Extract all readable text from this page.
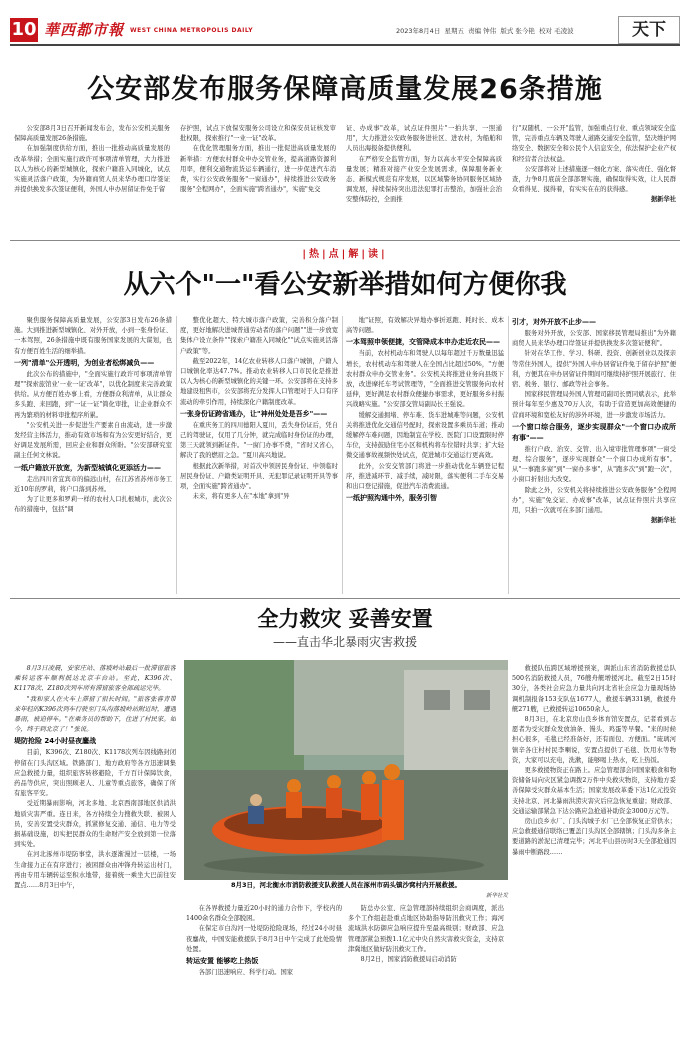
10 華西都市報 WEST CHINA METROPOLIS DAILY	2023年8月4日 星期五 责编 钟伟 版式 张今艳 校对 毛凌波	天下
公安部发布服务保障高质量发展26条措施
公安部8月3日召开新闻发布会，发布公安机关服务保障高质量发展26条措施。
在加强制度供给方面，推出一批推动高质量发展的改革举措；全面实施行政许可事项清单管理，大力推进以人为核心的新型城镇化，探索户籍准入同城化，试点实施灵活落户政策，为外籍商贸人员来华办理口岸签证并提供换发多次签证便利，外国人申办居留证件免于留
存护照，试点下放保安服务公司设立和保安员证核发审批权限，探索推行"一业一证"改革。
在优化管理服务方面，推出一批促进高质量发展的新举措：方便农村群众申办交管业务，提高道路资源利用率，便利交通物流货运车辆通行，进一步促进汽车消费，实行公安政务服务"一窗通办"，持续推进公安政务服务"全程网办"，全面实施"跨省通办"，实施"免交
证、办成事"改革，试点证件照片"一拍共享、一照通用"，大力推进公安政务服务进社区、进农村，为船舶和人员出海报备提供便利。
在严格安全监管方面，努力以高水平安全保障高质量发展；精准对接产业安全发展需求，保障服务新业态、新模式规范有序发展，以区域警务协同服务区域协调发展，持续保持突出违法犯罪打击整治，加强社会治安整体防控，全面推
行"双随机、一公开"监管，加强重点行业、重点领域安全监管，完善重点车辆及驾驶人道路交通安全监管，坚决维护网络安全、数据安全和公民个人信息安全，依法保护企业产权和经营者合法权益。
公安部将对上述措施逐一细化方案、落实责任、强化督查，力争8月底前全部部署实施，确保取得实效，让人民群众看得见、摸得着，有实实在在的获得感。
据新华社
|热|点|解|读|
从六个"一"看公安新举措如何方便你我
聚焦服务保障高质量发展，公安部3日发布26条措施。大到推进新型城镇化、对外开放，小到一张身份证、一本驾照，26条措施中既有服务国家发展的大谋划，也有方便百姓生活的细举措。
一列"清单"公开透明，为创业者松绑减负——
此次公布的措施中，"全面实施行政许可事项清单管理""探索旅馆业'一业一证'改革"，以优化制度来完善政策供给。从方便百姓办事上看，方便群众利清单，从让群众多头跑、来回跑，到"一证一证"简化审批，让企业群众不再为繁琐的材料审批程序所累。
"公安机关进一步促进生产要素自由流动，进一步激发经营主体活力，推动有效市场和有为公安更好结合，更好调足发展所需，回应企业和群众所盼。"公安部研究室副主任何文林说。
一纸户籍放开放宽，为新型城镇化更添活力——
走出四川省宜宾市的偏远山村，在江苏省苏州市务工近10年的罗莉，将户口落到苏州。
为了让更多和罗莉一样的农村人口扎根城市，此次公布的措施中，包括"调
整优化超大、特大城市落户政策，完善积分落户制度，更好地解决进城普通劳动者的落户问题""进一步放宽集体户设立条件""探索户籍准入同城化""试点实施灵活落户政策"等。
截至2022年，14亿农业转移人口落户城镇，户籍人口城镇化率达47.7%。推动农业转移人口市民化是推进以人为核心的新型城镇化的关键一环。公安部将在支持多地建设租售市，公安部将充分发挥人口管理对于人口有序流动的牵引作用，持续深化户籍制度改革。
一张身份证跨省通办，让"神州处处是吾乡"——
在重庆务工的四川德阳人夏川，丢失身份证后，凭自己的驾驶证，仅用了几分钟，就完成临时身份证的办理，第三天就领到新证件。"一窗门办事不费，"省时又省心，解决了我的燃眉之急。"夏川高兴地说。
根据此次新举措，对首次申领居民身份证、申领临时居民身份证、户籍类证明开具、无犯罪记录证明开具等事项，全面实施"跨省通办"。
未来，将有更多人在"本地"拿到"异
地"证照，有效解决异地办事折返跑、耗时长、成本高等问题。
一本驾照申领便捷，交管降成本申办走近农民——
当前，农村机动车和驾驶人以每年超过千万数量迅猛增长，农村机动车和驾驶人在全国占比超过50%，"方便农村群众申办交管业务"。公安机关将推进业务向县级下放，改进摩托车考试管理等，"全面推进交管服务向农村延伸，更好满足农村群众便捷办事需求，更好服务乡村振兴战略实施。"公安部交管局副局长王强说。
缓解交通拥堵、停车难、货车进城难等问题，公安机关将推进优化交通信号配时，探索设置多乘员车道；推动缓解停车难问题，因地制宜在学校、医院门口设置限时停车位，支持鼓励住宅小区和机构将车位错时共享；扩大轻微交通事故视频快处试点，促进城市交通运行更高效。
此外，公安交管部门将进一步推动优化车辆登记程序，推进减环节、减手续，减时限，落实便利二手车交易和出口登记措施，促进汽车消费流通。
一纸护照沟通中外，服务引智
引才，对外开放不止步——
服务对外开放，公安部、国家移民管理局推出"为外籍商贸人员来华办理口岸签证并提供换发多次签证便利"。
针对在华工作、学习、科研、投资、创新创业以及探亲等常住外国人，提供"外国人申办居留证件免于留存护照"便利，方便其在申办居留证件期间可继续持护照开展旅行、住宿、税务、银行、邮政等社会事务。
国家移民管理局外国人管理司副司长贾同斌表示，此举预计每年至少惠及70万人次，有助于营造更加高效便捷的营商环境和宽松友好的涉外环境，进一步激发市场活力。
一个窗口综合服务，逐步实现群众"一个窗口办成所有事"——
推行户政、治安、交管、出入境审批管理事项"一窗受理、综合服务"，逐步实现群众"一个窗口办成所有事"。从"一事跑多窗"到"一窗办多事"，从"跑多次"到"跑一次"，小窗口折射出大改变。
除此之外，公安机关将持续推进公安政务服务"全程网办"，实施"免交证、办成事"改革，试点证件照片共享应用，只拍一次就可在多部门通用。
据新华社
全力救灾 妥善安置
——直击华北暴雨灾害救援
8月3日凌晨，安家庄站、落坡岭站最后一批滞留旅客乘转运客车顺利抵达北京丰台站。至此，K396次、K1178次、Z180次列车所有滞留旅客全部疏运完毕。
"我和家人在火车上滞留了很长时间。"旅客张睿青带来年轻的K396次列车行驶至门头沟落坡岭站附近时，遭遇暴雨，被迫停车。"在乘务员的帮助下，住进了村民家。如今，终于到北京了！"张说。
堤防抢险 24小时昼夜鏖战
目前，K396次、Z180次、K1178次列车因线路封闭停留在门头沟区域。铁路部门、地方政府等各方迅速调集应急救援力量，组织旅客转移避险，千方百计保障饮食，药品等供应，突出照顾老人、儿童等重点旅客，确保了所有旅客平安。
受近期暴雨影响，河北多地、北京西南部地区供消洪地质灾害严重。连日来，各方持续全力搜救失联、被困人员，安善安置受灾群众，抓紧修复交通、通信、电力等受损基础设施，切实把民群众的生命财产安全放到第一位落到实处。
在河北涿州市堤防事堂，洪水逐渐漫过一层楼，一场生命接力正在有序进行；被困群众由冲锋舟转运出村门，再由专用车辆转运至积水地带，接着统一乘坐大巴前往安置点……8月3日中午，	8月3日，河北衡水市消防救援支队救援人员在涿州市码头镇沙窝村内开展救援。
新华社发
在各界救援力量近20小时的通力合作下，学校内的1400余名群众全部脱困。
在保定市白沟河一处堤防抢险现场，经过24小时昼夜鏖战，中国安能救援队于8月3日中午完成了此处险情处置。
转运安置 能够吃上热饭
各部门迅速响应、科学行动。国家
防总办公室、应急管理部持续组织会商调度，派出多个工作组赶赴重点地区协助指导防汛救灾工作；海河流域洪水防御应急响应提升至最高级别；财政部、应急管理部紧急预拨1.1亿元中央自然灾害救灾资金，支持京津冀地区做好防汛救灾工作。
8月2日，国家消防救援局启动消防
救援队伍跨区域增援预案，调派山东省消防救援总队500名消防救援人员，76艘舟艇增援河北。截至2日15时30分，各类社会应急力量共向河北省社会应急力量现场协调机制报备153支队伍1677人，救援车辆331辆，救援舟艇271艘，已救援转运10650余人。
8月3日，在北京房山良乡体育馆安置点，记者看到志愿者为受灾群众发放油条、馒头、鸡蛋等早餐。"来的时候担心很多，毛毯已经准备好，还有面包、方便面。"琉璃河镇辛各庄村村民李喇说，安置点提供了毛毯、饮用水等物资，大家可以充电，洗漱，能够喝上热水，吃上热饭。
更多救援物资正在路上。应急管理部会同国家粮食和物资储备局向灾区紧急调拨2万件中央救灾物资，支持地方妥善保障受灾群众基本生活；国家发展改革委下达1亿元投资支持北京、河北暴雨洪涝灾害灾后应急恢复重建；财政部、交通运输部紧急下达公路应急抢通补助资金3000万元等。
房山良乡水厂、门头沟城子水厂已全部恢复正常供水；应急救援通信联络已覆盖门头沟区全部辖镇；门头沟多条主要道路的淤泥已清理完毕；河北平山县历时3天全部抢通因暴雨中断路段……
